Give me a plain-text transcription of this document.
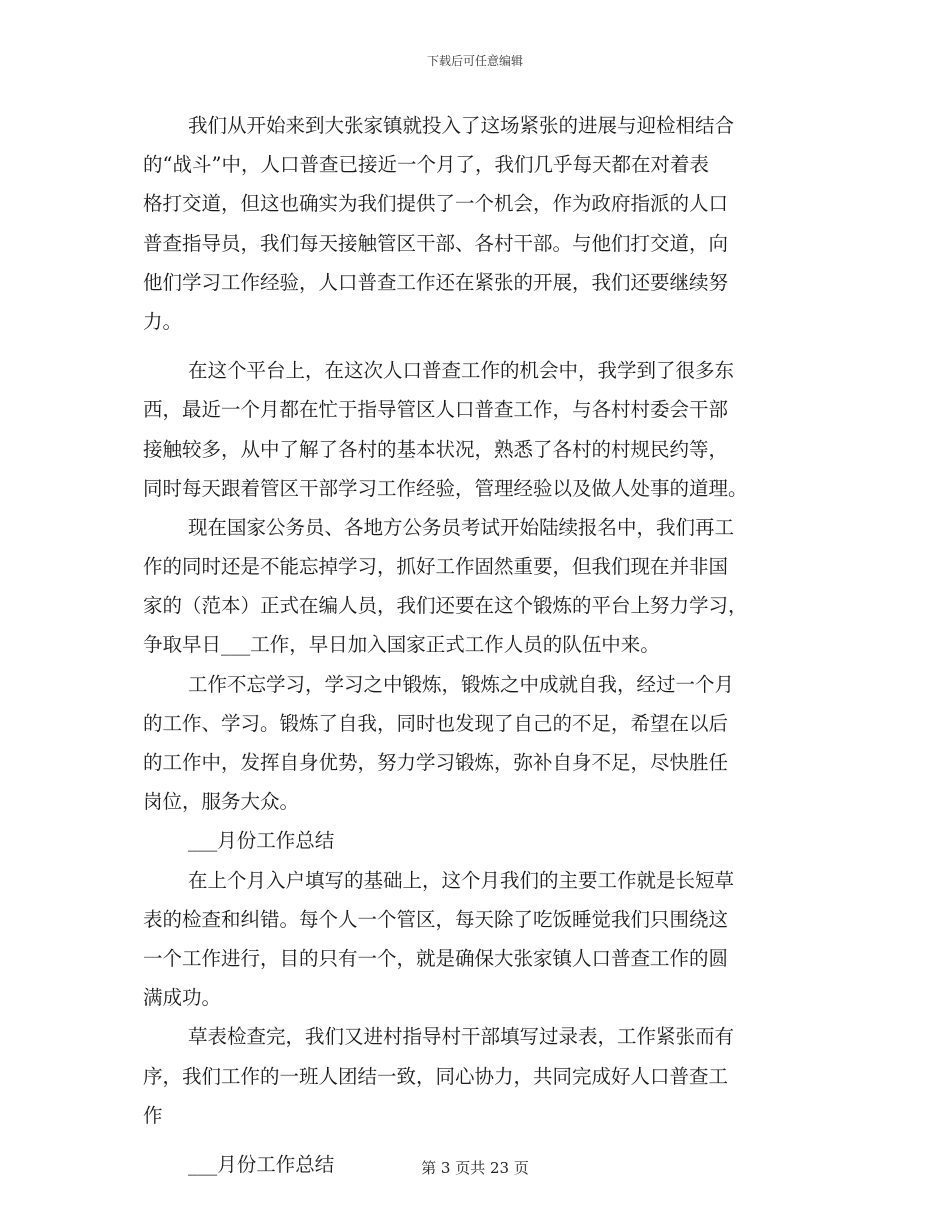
下载后可任意编辑
我们从开始来到大张家镇就投入了这场紧张的进展与迎检相结合
的“战斗”中，人口普查已接近一个月了，我们几乎每天都在对着表
格打交道，但这也确实为我们提供了一个机会，作为政府指派的人口
普查指导员，我们每天接触管区干部、各村干部。与他们打交道，向
他们学习工作经验，人口普查工作还在紧张的开展，我们还要继续努
力。
在这个平台上，在这次人口普查工作的机会中，我学到了很多东
西，最近一个月都在忙于指导管区人口普查工作，与各村村委会干部
接触较多，从中了解了各村的基本状况，熟悉了各村的村规民约等，
同时每天跟着管区干部学习工作经验，管理经验以及做人处事的道理。
现在国家公务员、各地方公务员考试开始陆续报名中，我们再工
作的同时还是不能忘掉学习，抓好工作固然重要，但我们现在并非国
家的（范本）正式在编人员，我们还要在这个锻炼的平台上努力学习，
争取早日___工作，早日加入国家正式工作人员的队伍中来。
工作不忘学习，学习之中锻炼，锻炼之中成就自我，经过一个月
的工作、学习。锻炼了自我，同时也发现了自己的不足，希望在以后
的工作中，发挥自身优势，努力学习锻炼，弥补自身不足，尽快胜任
岗位，服务大众。
___月份工作总结
在上个月入户填写的基础上，这个月我们的主要工作就是长短草
表的检查和纠错。每个人一个管区，每天除了吃饭睡觉我们只围绕这
一个工作进行，目的只有一个，就是确保大张家镇人口普查工作的圆
满成功。
草表检查完，我们又进村指导村干部填写过录表，工作紧张而有
序，我们工作的一班人团结一致，同心协力，共同完成好人口普查工
作
___月份工作总结	第 3 页共 23 页
